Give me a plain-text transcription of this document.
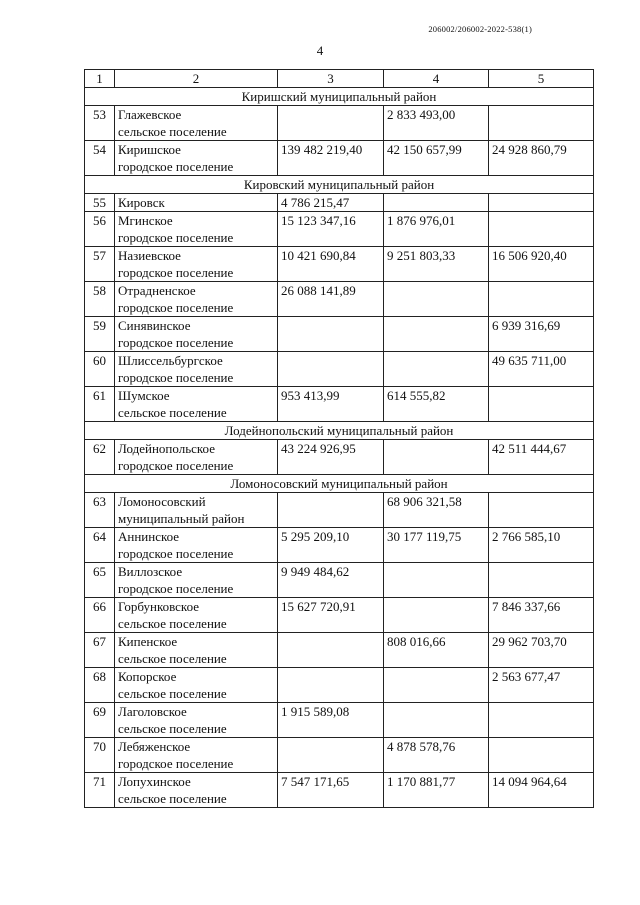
206002/206002-2022-538(1)
4
1	2	3	4	5
Киришский муниципальный район				
53	Глажевское
сельское поселение		2 833 493,00	
54	Киришское
городское поселение	139 482 219,40	42 150 657,99	24 928 860,79
Кировский муниципальный район				
55	Кировск	4 786 215,47		
56	Мгинское
городское поселение	15 123 347,16	1 876 976,01	
57	Назиевское
городское поселение	10 421 690,84	9 251 803,33	16 506 920,40
58	Отрадненское
городское поселение	26 088 141,89		
59	Синявинское
городское поселение			6 939 316,69
60	Шлиссельбургское
городское поселение			49 635 711,00
61	Шумское
сельское поселение	953 413,99	614 555,82	
Лодейнопольский муниципальный район				
62	Лодейнопольское
городское поселение	43 224 926,95		42 511 444,67
Ломоносовский муниципальный район				
63	Ломоносовский
муниципальный район		68 906 321,58	
64	Аннинское
городское поселение	5 295 209,10	30 177 119,75	2 766 585,10
65	Виллозское
городское поселение	9 949 484,62		
66	Горбунковское
сельское поселение	15 627 720,91		7 846 337,66
67	Кипенское
сельское поселение		808 016,66	29 962 703,70
68	Копорское
сельское поселение			2 563 677,47
69	Лаголовское
сельское поселение	1 915 589,08		
70	Лебяженское
городское поселение		4 878 578,76	
71	Лопухинское
сельское поселение	7 547 171,65	1 170 881,77	14 094 964,64
